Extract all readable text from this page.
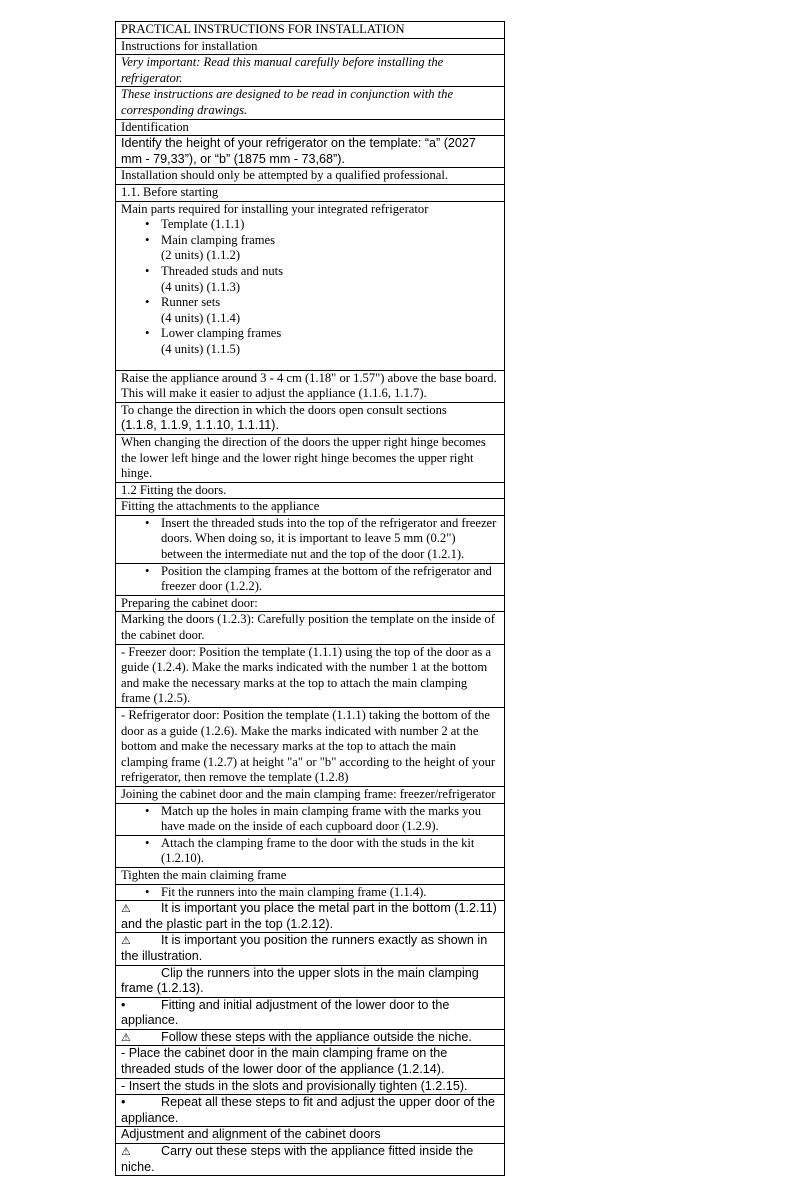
PRACTICAL INSTRUCTIONS FOR INSTALLATION
Instructions for installation
Very important: Read this manual carefully before installing the refrigerator.
These instructions are designed to be read in conjunction with the corresponding drawings.
Identification
Identify the height of your refrigerator on the template: “a” (2027 mm - 79,33”), or “b” (1875 mm - 73,68”).
Installation should only be attempted by a qualified professional.
1.1. Before starting

Main parts required for installing your integrated refrigerator
• Template (1.1.1)
• Main clamping frames
(2 units) (1.1.2)
• Threaded studs and nuts
(4 units) (1.1.3)
• Runner sets
(4 units) (1.1.4)
• Lower clamping frames
(4 units) (1.1.5)

Raise the appliance around 3 - 4 cm (1.18" or 1.57") above the base board. This will make it easier to adjust the appliance (1.1.6, 1.1.7).
To change the direction in which the doors open consult sections
(1.1.8, 1.1.9, 1.1.10, 1.1.11).
When changing the direction of the doors the upper right hinge becomes the lower left hinge and the lower right hinge becomes the upper right hinge.
1.2 Fitting the doors.
Fitting the attachments to the appliance

• Insert the threaded studs into the top of the refrigerator and freezer doors. When doing so, it is important to leave 5 mm (0.2") between the intermediate nut and the top of the door (1.2.1).

• Position the clamping frames at the bottom of the refrigerator and freezer door (1.2.2).

Preparing the cabinet door:
Marking the doors (1.2.3): Carefully position the template on the inside of the cabinet door.
- Freezer door: Position the template (1.1.1) using the top of the door as a guide (1.2.4). Make the marks indicated with the number 1 at the bottom and make the necessary marks at the top to attach the main clamping frame (1.2.5).
- Refrigerator door: Position the template (1.1.1) taking the bottom of the door as a guide (1.2.6). Make the marks indicated with number 2 at the bottom and make the necessary marks at the top to attach the main clamping frame (1.2.7) at height "a" or "b" according to the height of your refrigerator, then remove the template (1.2.8)
Joining the cabinet door and the main clamping frame: freezer/refrigerator

• Match up the holes in main clamping frame with the marks you have made on the inside of each cupboard door (1.2.9).

• Attach the clamping frame to the door with the studs in the kit (1.2.10).

Tighten the main claiming frame

• Fit the runners into the main clamping frame (1.1.4).

⚠ It is important you place the metal part in the bottom (1.2.11) and the plastic part in the top (1.2.12).
⚠ It is important you position the runners exactly as shown in the illustration.
Clip the runners into the upper slots in the main clamping frame (1.2.13).
•	Fitting and initial adjustment of the lower door to the appliance.
⚠ Follow these steps with the appliance outside the niche.
- Place the cabinet door in the main clamping frame on the threaded studs of the lower door of the appliance (1.2.14).
- Insert the studs in the slots and provisionally tighten (1.2.15).
•	Repeat all these steps to fit and adjust the upper door of the appliance.
Adjustment and alignment of the cabinet doors
⚠ Carry out these steps with the appliance fitted inside the niche.
